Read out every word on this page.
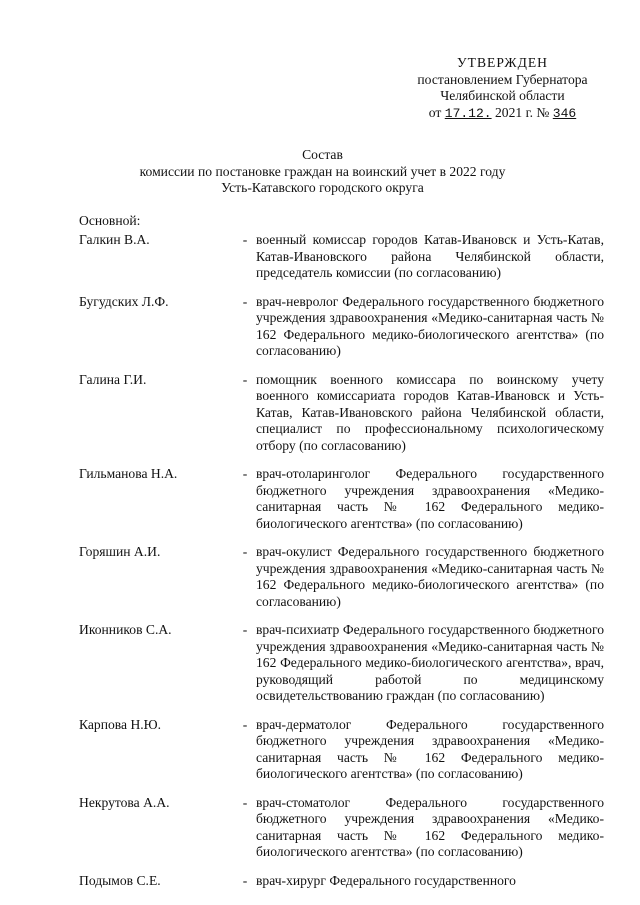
УТВЕРЖДЕН
постановлением Губернатора
Челябинской области
от 17.12. 2021 г. № 346
Состав
комиссии по постановке граждан на воинский учет в 2022 году
Усть-Катавского городского округа
Основной:
Галкин В.А.	- военный комиссар городов Катав-Ивановск и Усть-Катав, Катав-Ивановского района Челябинской области, председатель комиссии (по согласованию)
Бугудских Л.Ф.	- врач-невролог Федерального государственного бюджетного учреждения здравоохранения «Медико-санитарная часть № 162 Федерального медико-биологического агентства» (по согласованию)
Галина Г.И.	- помощник военного комиссара по воинскому учету военного комиссариата городов Катав-Ивановск и Усть-Катав, Катав-Ивановского района Челябинской области, специалист по профессиональному психологическому отбору (по согласованию)
Гильманова Н.А.	- врач-отоларинголог Федерального государственного бюджетного учреждения здравоохранения «Медико-санитарная часть № 162 Федерального медико-биологического агентства» (по согласованию)
Горяшин А.И.	- врач-окулист Федерального государственного бюджетного учреждения здравоохранения «Медико-санитарная часть № 162 Федерального медико-биологического агентства» (по согласованию)
Иконников С.А.	- врач-психиатр Федерального государственного бюджетного учреждения здравоохранения «Медико-санитарная часть № 162 Федерального медико-биологического агентства», врач, руководящий работой по медицинскому освидетельствованию граждан (по согласованию)
Карпова Н.Ю.	- врач-дерматолог Федерального государственного бюджетного учреждения здравоохранения «Медико-санитарная часть № 162 Федерального медико-биологического агентства» (по согласованию)
Некрутова А.А.	- врач-стоматолог Федерального государственного бюджетного учреждения здравоохранения «Медико-санитарная часть № 162 Федерального медико-биологического агентства» (по согласованию)
Подымов С.Е.	- врач-хирург Федерального государственного
